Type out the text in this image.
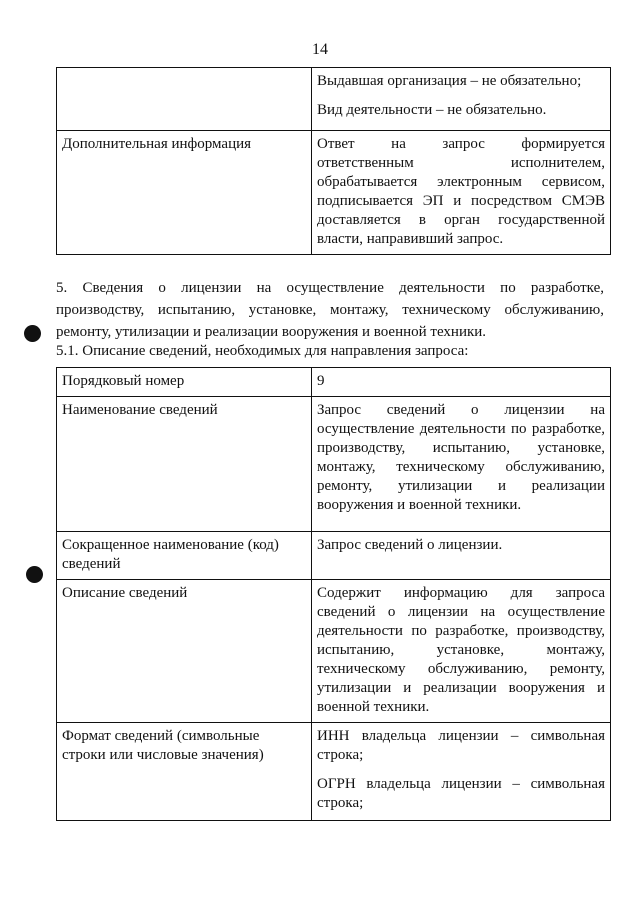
14

	Выдавшая организация – не обязательно;

Вид деятельности – не обязательно.

Дополнительная информация	Ответ на запрос формируется ответственным исполнителем, обрабатывается электронным сервисом, подписывается ЭП и посредством СМЭВ доставляется в орган государственной власти, направивший запрос.

5. Сведения о лицензии на осуществление деятельности по разработке, производству, испытанию, установке, монтажу, техническому обслуживанию, ремонту, утилизации и реализации вооружения и военной техники.
5.1. Описание сведений, необходимых для направления запроса:
Порядковый номер	9

Наименование сведений	Запрос сведений о лицензии на осуществление деятельности по разработке, производству, испытанию, установке, монтажу, техническому обслуживанию, ремонту, утилизации и реализации вооружения и военной техники.

Сокращенное наименование (код) сведений	Запрос сведений о лицензии.

Описание сведений	Содержит информацию для запроса сведений о лицензии на осуществление деятельности по разработке, производству, испытанию, установке, монтажу, техническому обслуживанию, ремонту, утилизации и реализации вооружения и военной техники.

Формат сведений (символьные строки или числовые значения)	ИНН владельца лицензии – символьная строка;

ОГРН владельца лицензии – символьная строка;
